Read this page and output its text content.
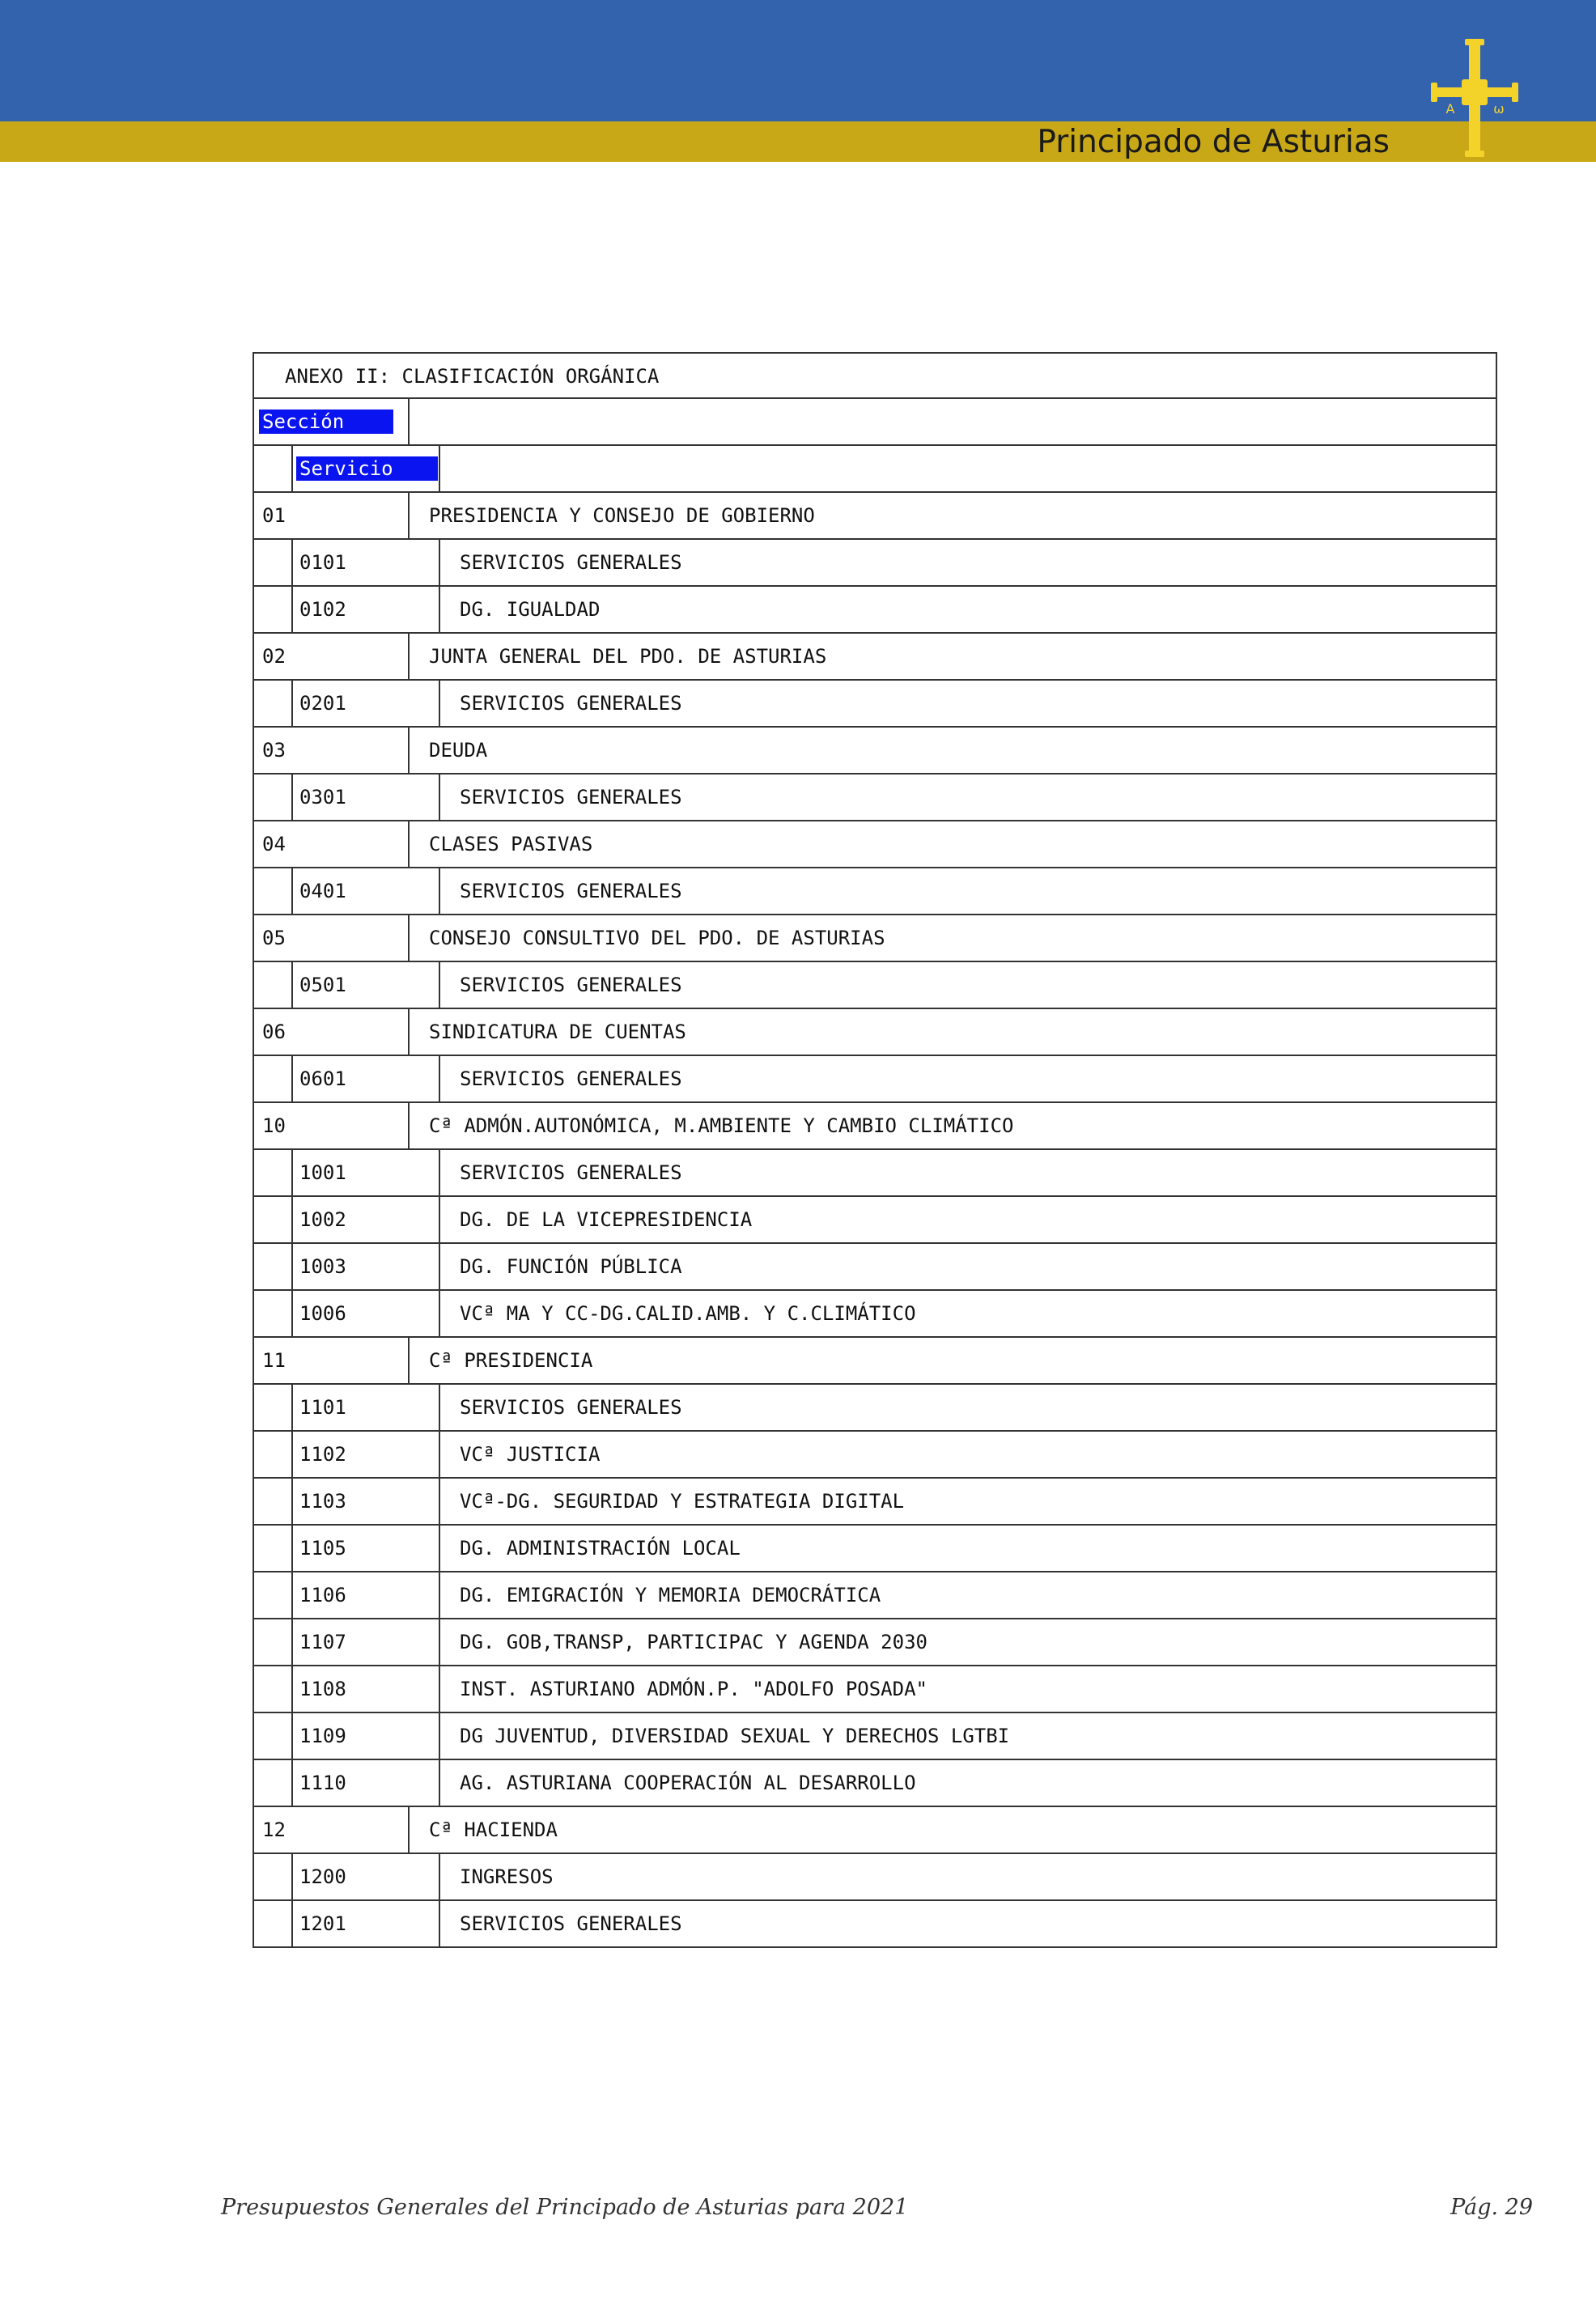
Principado de Asturias
A	ω
ANEXO II: CLASIFICACIÓN ORGÁNICA
Sección
Servicio
01	PRESIDENCIA Y CONSEJO DE GOBIERNO
0101	SERVICIOS GENERALES
0102	DG. IGUALDAD
02	JUNTA GENERAL DEL PDO. DE ASTURIAS
0201	SERVICIOS GENERALES
03	DEUDA
0301	SERVICIOS GENERALES
04	CLASES PASIVAS
0401	SERVICIOS GENERALES
05	CONSEJO CONSULTIVO DEL PDO. DE ASTURIAS
0501	SERVICIOS GENERALES
06	SINDICATURA DE CUENTAS
0601	SERVICIOS GENERALES
10	Cª ADMÓN.AUTONÓMICA, M.AMBIENTE Y CAMBIO CLIMÁTICO
1001	SERVICIOS GENERALES
1002	DG. DE LA VICEPRESIDENCIA
1003	DG. FUNCIÓN PÚBLICA
1006	VCª MA Y CC-DG.CALID.AMB. Y C.CLIMÁTICO
11	Cª PRESIDENCIA
1101	SERVICIOS GENERALES
1102	VCª JUSTICIA
1103	VCª-DG. SEGURIDAD Y ESTRATEGIA DIGITAL
1105	DG. ADMINISTRACIÓN LOCAL
1106	DG. EMIGRACIÓN Y MEMORIA DEMOCRÁTICA
1107	DG. GOB,TRANSP, PARTICIPAC Y AGENDA 2030
1108	INST. ASTURIANO ADMÓN.P. "ADOLFO POSADA"
1109	DG JUVENTUD, DIVERSIDAD SEXUAL Y DERECHOS LGTBI
1110	AG. ASTURIANA COOPERACIÓN AL DESARROLLO
12	Cª HACIENDA
1200	INGRESOS
1201	SERVICIOS GENERALES
Presupuestos Generales del Principado de Asturias para 2021	Pág. 29
